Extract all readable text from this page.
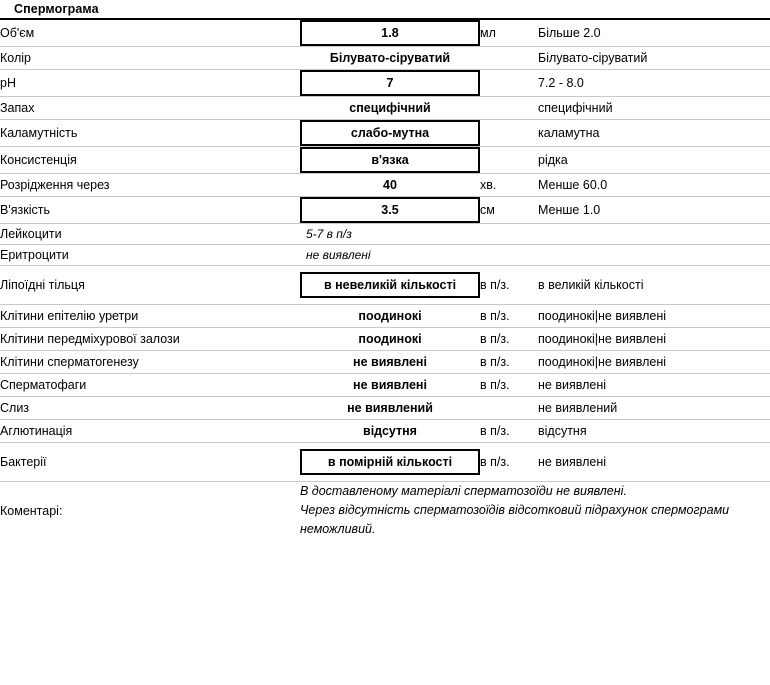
Спермограма
Об'єм	1.8	мл	Більше 2.0
Колір	Білувато-сіруватий		Білувато-сіруватий
pH	7		7.2 - 8.0
Запах	специфічний		специфічний
Каламутність	слабо-мутна		каламутна
Консистенція	в'язка		рідка
Розрідження через	40	хв.	Менше 60.0
В'язкість	3.5	см	Менше 1.0
Лейкоцити	5-7 в п/з		

Еритроцити	не виявлені		

Ліпоїдні тільця	в невеликій кількості	в п/з.	в великій кількості
Клітини епітелію уретри	поодинокі	в п/з.	поодинокі|не виявлені
Клітини передміхурової залози	поодинокі	в п/з.	поодинокі|не виявлені
Клітини сперматогенезу	не виявлені	в п/з.	поодинокі|не виявлені
Сперматофаги	не виявлені	в п/з.	не виявлені
Слиз	не виявлений		не виявлений
Аглютинація	відсутня	в п/з.	відсутня
Бактерії	в помірній кількості	в п/з.	не виявлені
Коментарі:	В доставленому матеріалі сперматозоїди не виявлені.
Через відсутність сперматозоїдів відсотковий підрахунок спермограми
неможливий.		
